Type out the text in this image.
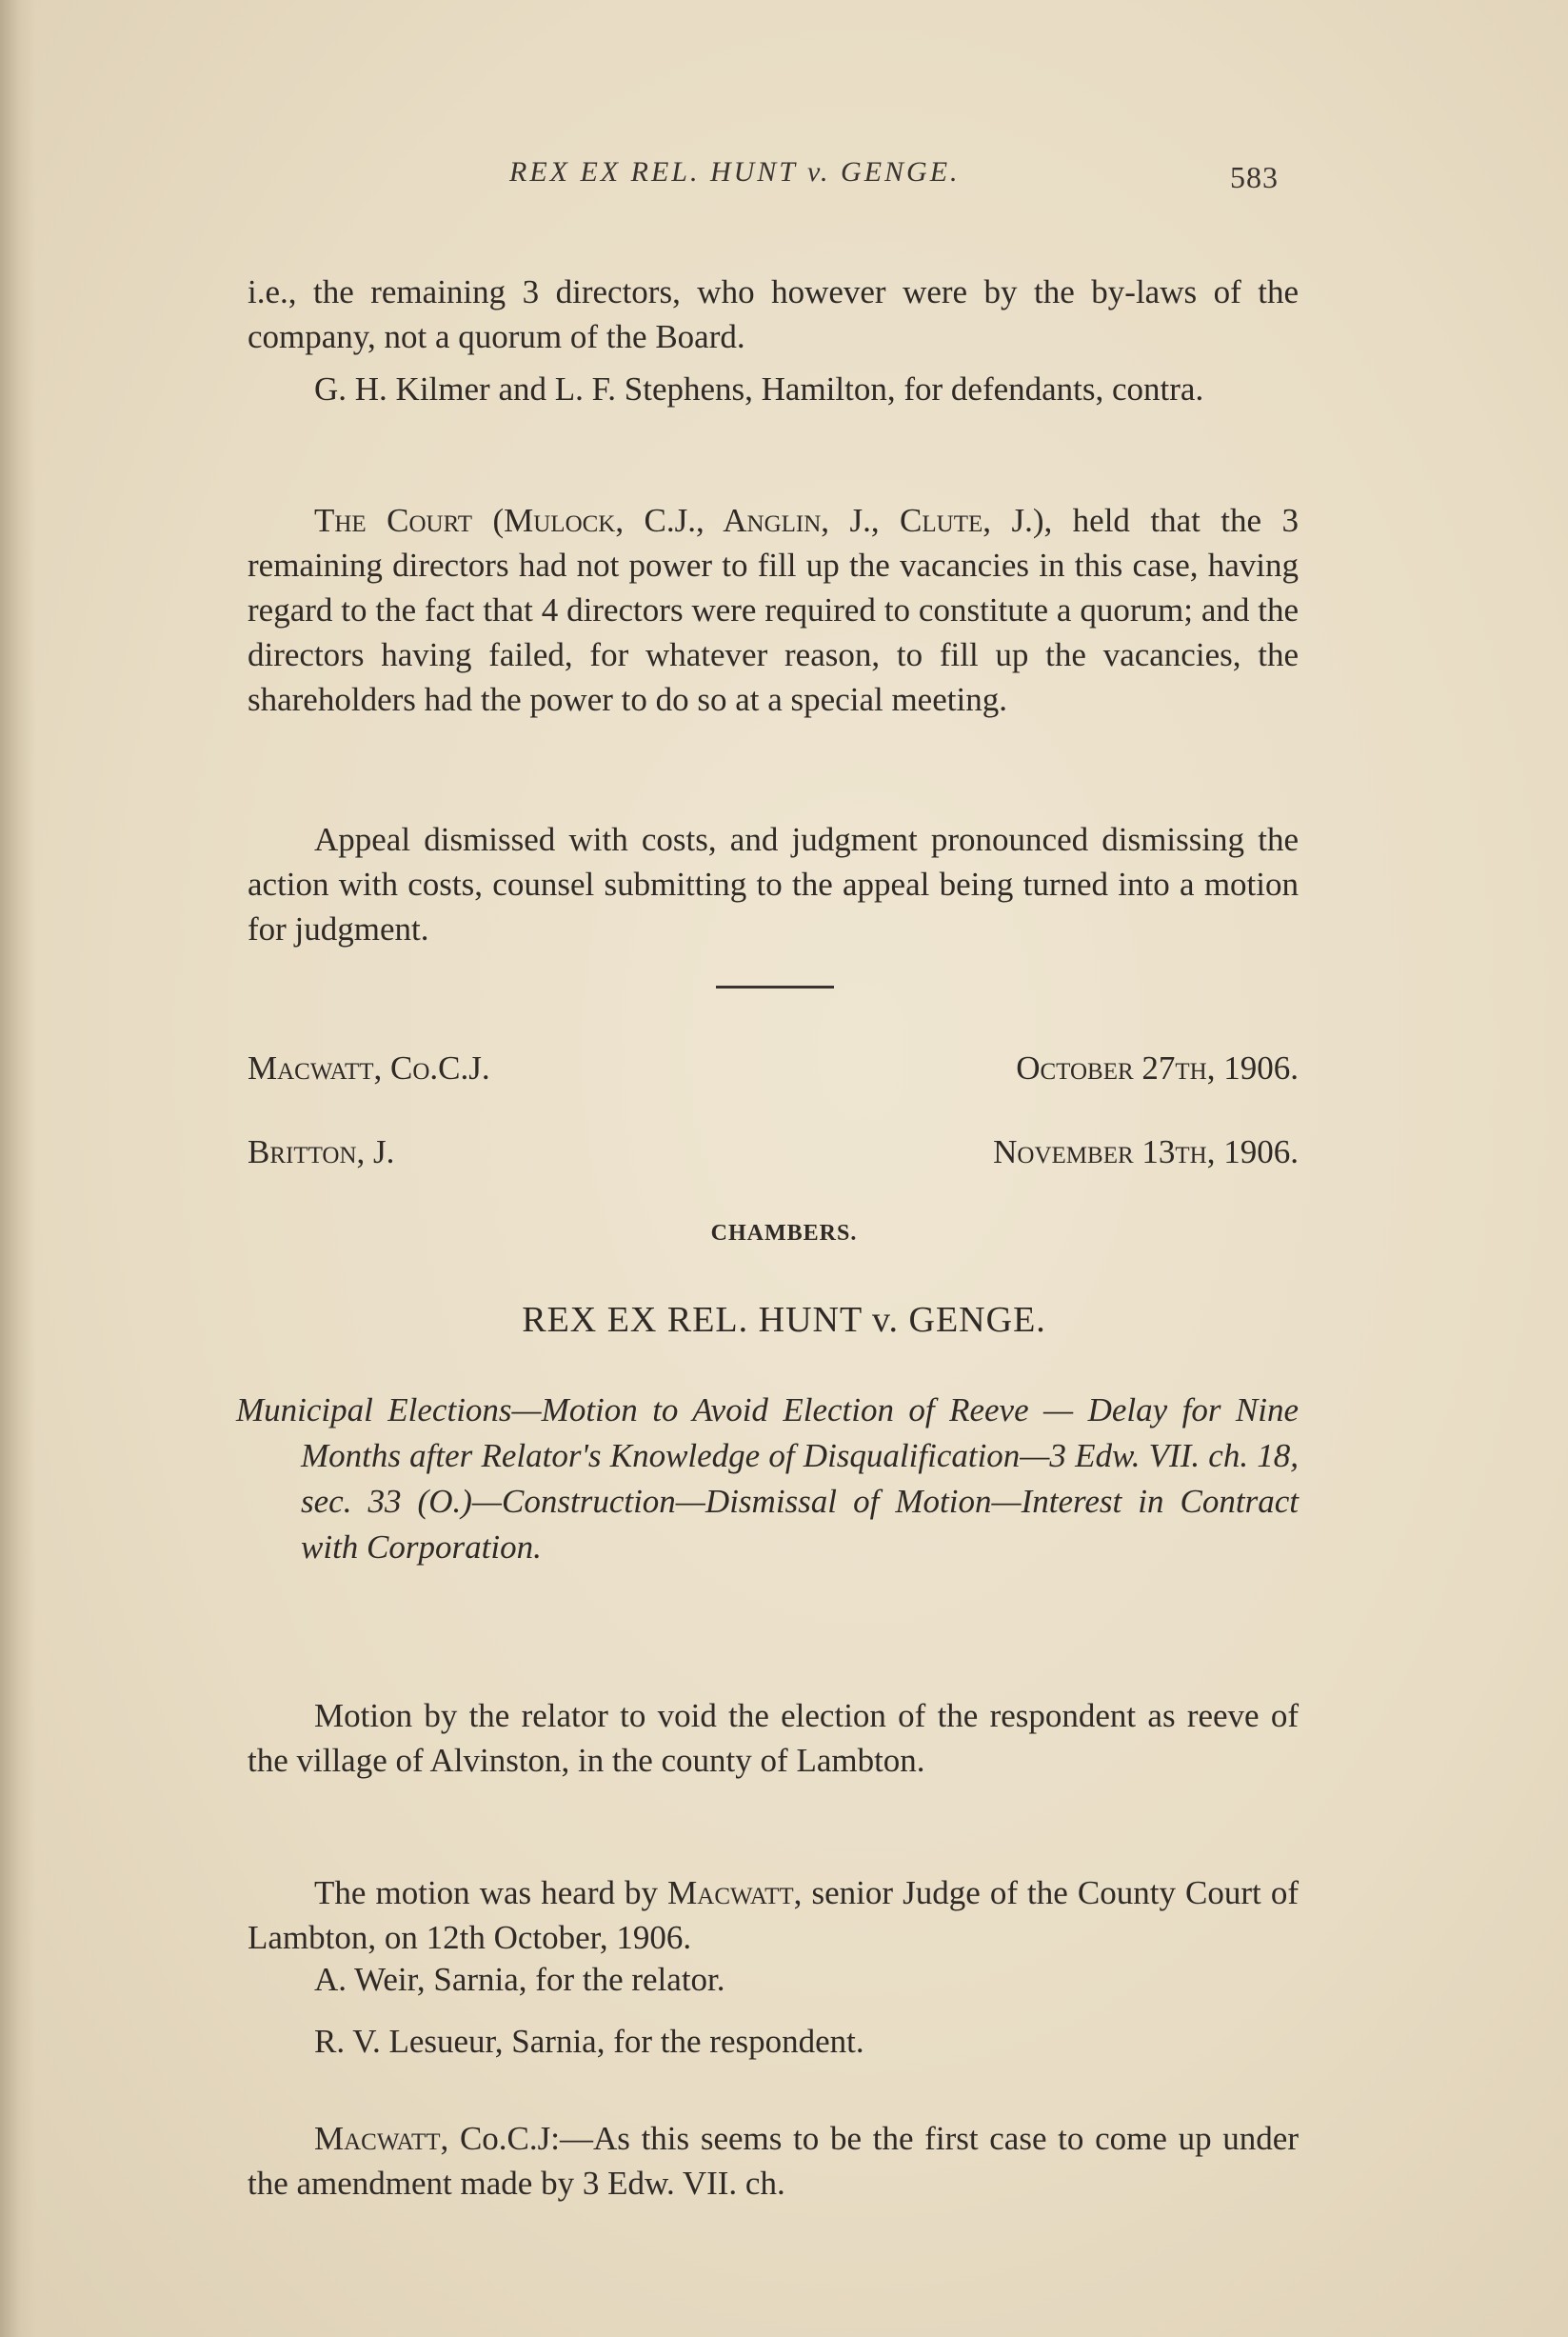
REX EX REL. HUNT v. GENGE.	583

i.e., the remaining 3 directors, who however were by the by-laws of the company, not a quorum of the Board.

G. H. Kilmer and L. F. Stephens, Hamilton, for defendants, contra.

The Court (Mulock, C.J., Anglin, J., Clute, J.), held that the 3 remaining directors had not power to fill up the vacancies in this case, having regard to the fact that 4 directors were required to constitute a quorum; and the directors having failed, for whatever reason, to fill up the vacancies, the shareholders had the power to do so at a special meeting.

Appeal dismissed with costs, and judgment pronounced dismissing the action with costs, counsel submitting to the appeal being turned into a motion for judgment.

Macwatt, Co.C.J.	October 27th, 1906.
Britton, J.	November 13th, 1906.
CHAMBERS.
REX EX REL. HUNT v. GENGE.
Municipal Elections—Motion to Avoid Election of Reeve — Delay for Nine Months after Relator's Knowledge of Disqualification—3 Edw. VII. ch. 18, sec. 33 (O.)—Construction—Dismissal of Motion—Interest in Contract with Corporation.

Motion by the relator to void the election of the respondent as reeve of the village of Alvinston, in the county of Lambton.

The motion was heard by Macwatt, senior Judge of the County Court of Lambton, on 12th October, 1906.

A. Weir, Sarnia, for the relator.

R. V. Lesueur, Sarnia, for the respondent.

Macwatt, Co.C.J:—As this seems to be the first case to come up under the amendment made by 3 Edw. VII. ch.
